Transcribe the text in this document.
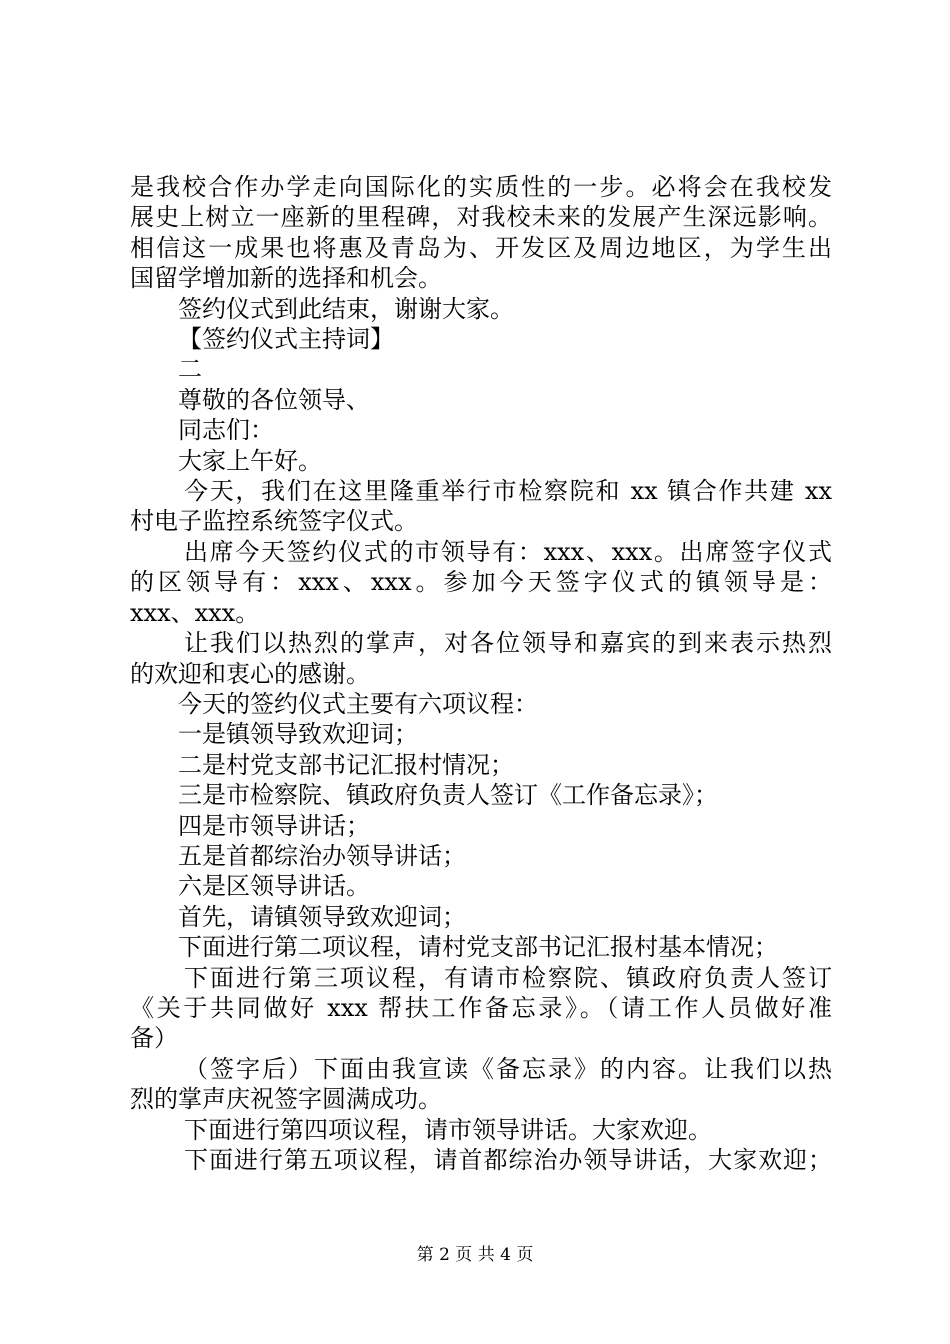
是我校合作办学走向国际化的实质性的一步。必将会在我校发

展史上树立一座新的里程碑，对我校未来的发展产生深远影响。

相信这一成果也将惠及青岛为、开发区及周边地区，为学生出

国留学增加新的选择和机会。

签约仪式到此结束，谢谢大家。

【签约仪式主持词】

二

尊敬的各位领导、

同志们：

大家上午好。

今天，我们在这里隆重举行市检察院和 xx 镇合作共建 xx

村电子监控系统签字仪式。

出席今天签约仪式的市领导有：xxx、xxx。出席签字仪式

的区领导有：xxx、xxx。参加今天签字仪式的镇领导是：

xxx、xxx。

让我们以热烈的掌声，对各位领导和嘉宾的到来表示热烈

的欢迎和衷心的感谢。

今天的签约仪式主要有六项议程：

一是镇领导致欢迎词；

二是村党支部书记汇报村情况；

三是市检察院、镇政府负责人签订《工作备忘录》；

四是市领导讲话；

五是首都综治办领导讲话；

六是区领导讲话。

首先，请镇领导致欢迎词；

下面进行第二项议程，请村党支部书记汇报村基本情况；

下面进行第三项议程，有请市检察院、镇政府负责人签订

《关于共同做好 xxx 帮扶工作备忘录》。（请工作人员做好准

备）

（签字后）下面由我宣读《备忘录》的内容。让我们以热

烈的掌声庆祝签字圆满成功。

下面进行第四项议程，请市领导讲话。大家欢迎。

下面进行第五项议程，请首都综治办领导讲话，大家欢迎；

第 2 页 共 4 页
